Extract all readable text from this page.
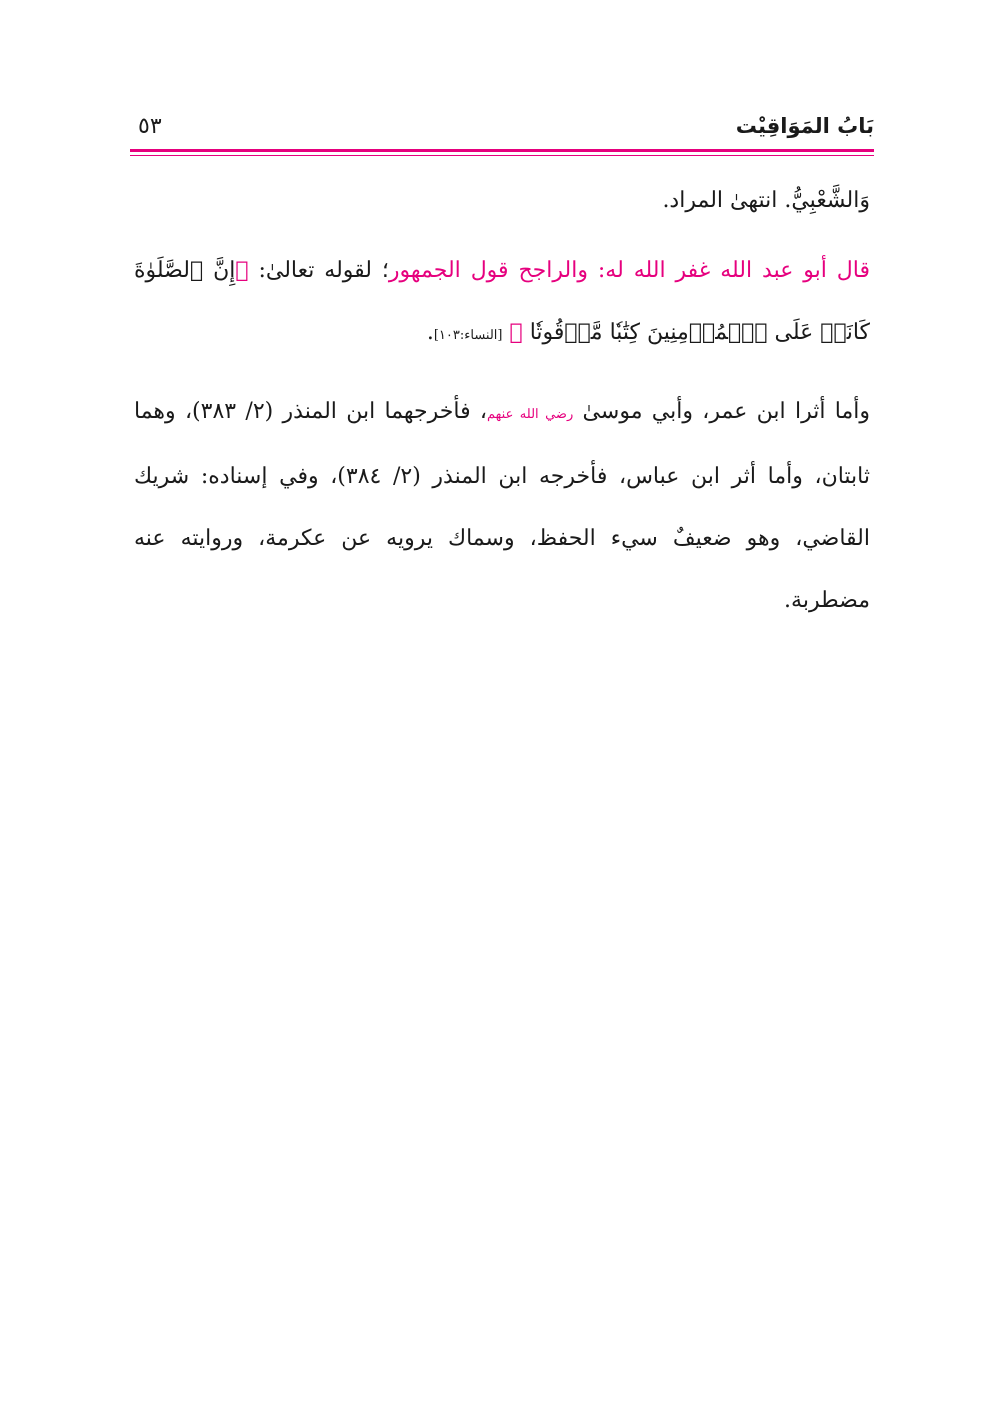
بَابُ المَوَاقِيْت
٥٣

وَالشَّعْبِيُّ. انتهىٰ المراد.

قال أبو عبد الله غفر الله له: والراجح قول الجمهور؛ لقوله تعالىٰ: ﴿إِنَّ ٱلصَّلَوٰةَ كَانَتۡ عَلَى ٱلۡمُؤۡمِنِينَ كِتَٰبٗا مَّوۡقُوتٗا ﴾ [النساء:١٠٣].

وأما أثرا ابن عمر، وأبي موسىٰ رضي الله عنهم، فأخرجهما ابن المنذر (٢/ ٣٨٣)، وهما ثابتان، وأما أثر ابن عباس، فأخرجه ابن المنذر (٢/ ٣٨٤)، وفي إسناده: شريك القاضي، وهو ضعيفٌ سيء الحفظ، وسماك يرويه عن عكرمة، وروايته عنه مضطربة.
